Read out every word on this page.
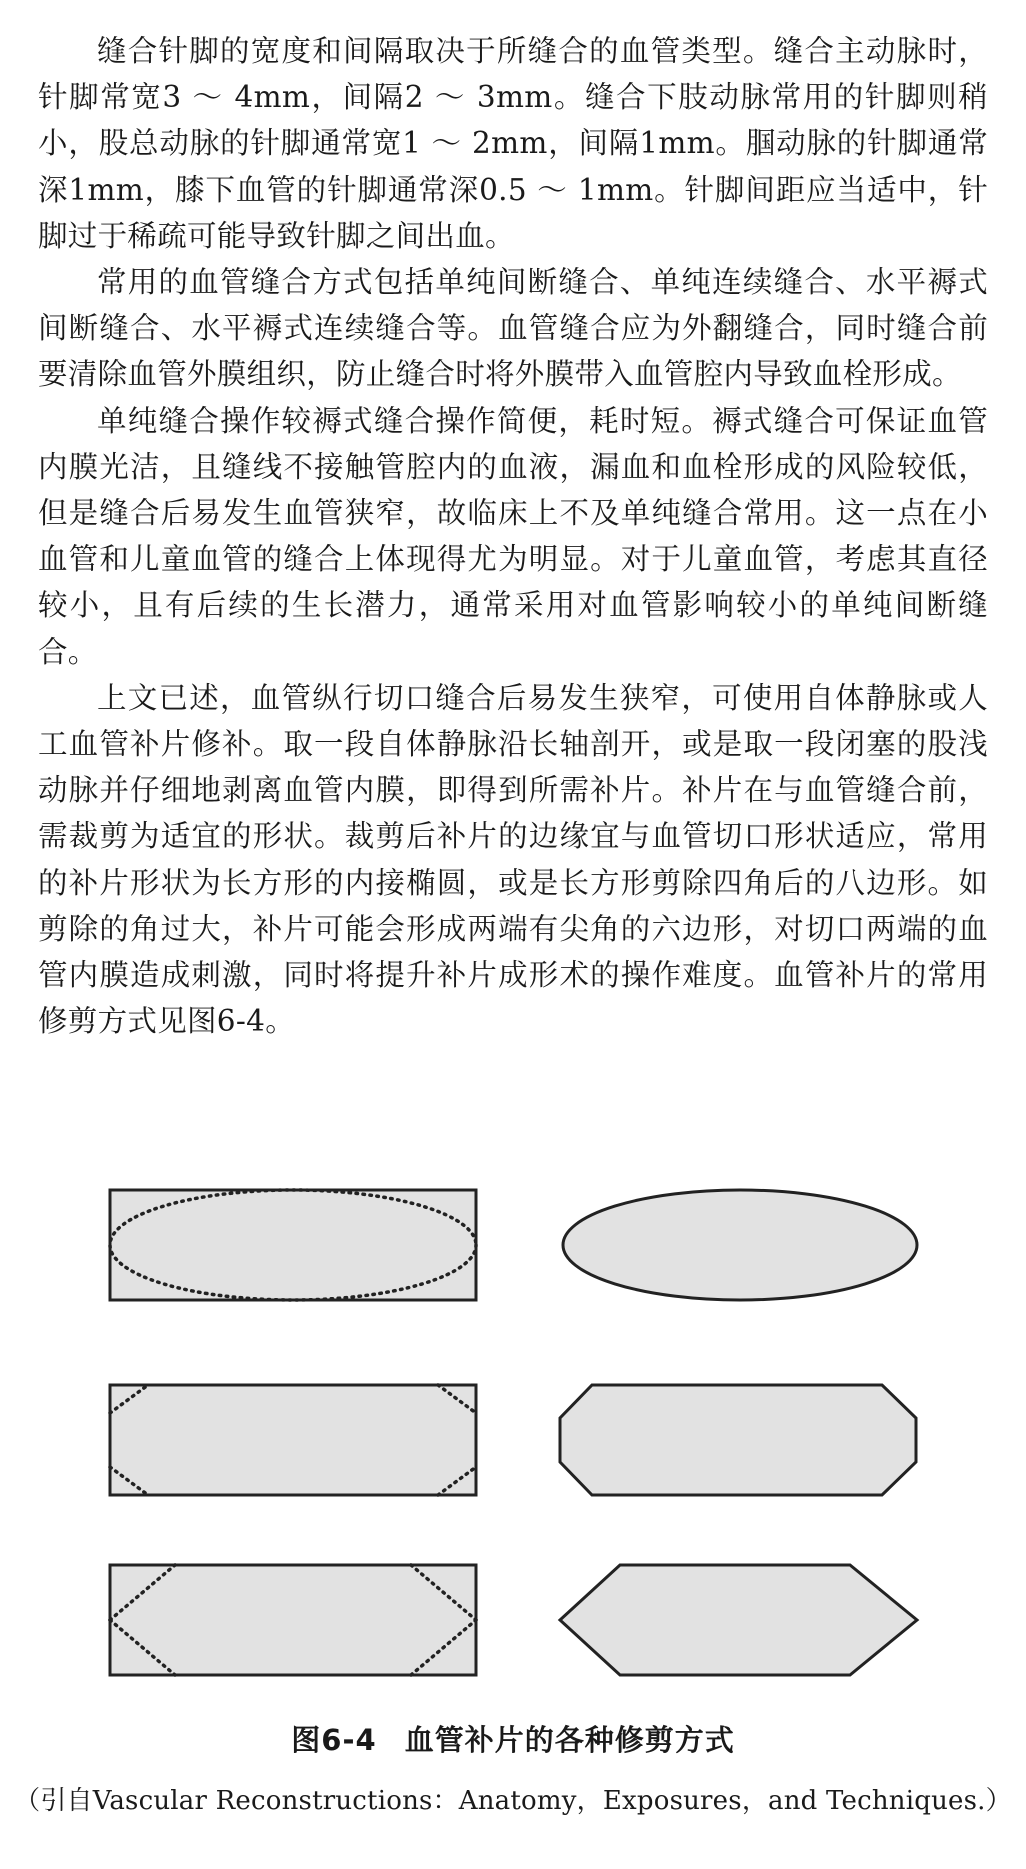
缝合针脚的宽度和间隔取决于所缝合的血管类型。缝合主动脉时，针脚常宽3 ～ 4mm，间隔2 ～ 3mm。缝合下肢动脉常用的针脚则稍小，股总动脉的针脚通常宽1 ～ 2mm，间隔1mm。腘动脉的针脚通常深1mm，膝下血管的针脚通常深0.5 ～ 1mm。针脚间距应当适中，针脚过于稀疏可能导致针脚之间出血。

常用的血管缝合方式包括单纯间断缝合、单纯连续缝合、水平褥式间断缝合、水平褥式连续缝合等。血管缝合应为外翻缝合，同时缝合前要清除血管外膜组织，防止缝合时将外膜带入血管腔内导致血栓形成。

单纯缝合操作较褥式缝合操作简便，耗时短。褥式缝合可保证血管内膜光洁，且缝线不接触管腔内的血液，漏血和血栓形成的风险较低，但是缝合后易发生血管狭窄，故临床上不及单纯缝合常用。这一点在小血管和儿童血管的缝合上体现得尤为明显。对于儿童血管，考虑其直径较小，且有后续的生长潜力，通常采用对血管影响较小的单纯间断缝合。

上文已述，血管纵行切口缝合后易发生狭窄，可使用自体静脉或人工血管补片修补。取一段自体静脉沿长轴剖开，或是取一段闭塞的股浅动脉并仔细地剥离血管内膜，即得到所需补片。补片在与血管缝合前，需裁剪为适宜的形状。裁剪后补片的边缘宜与血管切口形状适应，常用的补片形状为长方形的内接椭圆，或是长方形剪除四角后的八边形。如剪除的角过大，补片可能会形成两端有尖角的六边形，对切口两端的血管内膜造成刺激，同时将提升补片成形术的操作难度。血管补片的常用修剪方式见图6-4。

图6-4 血管补片的各种修剪方式
（引自Vascular Reconstructions：Anatomy，Exposures，and Techniques.）
